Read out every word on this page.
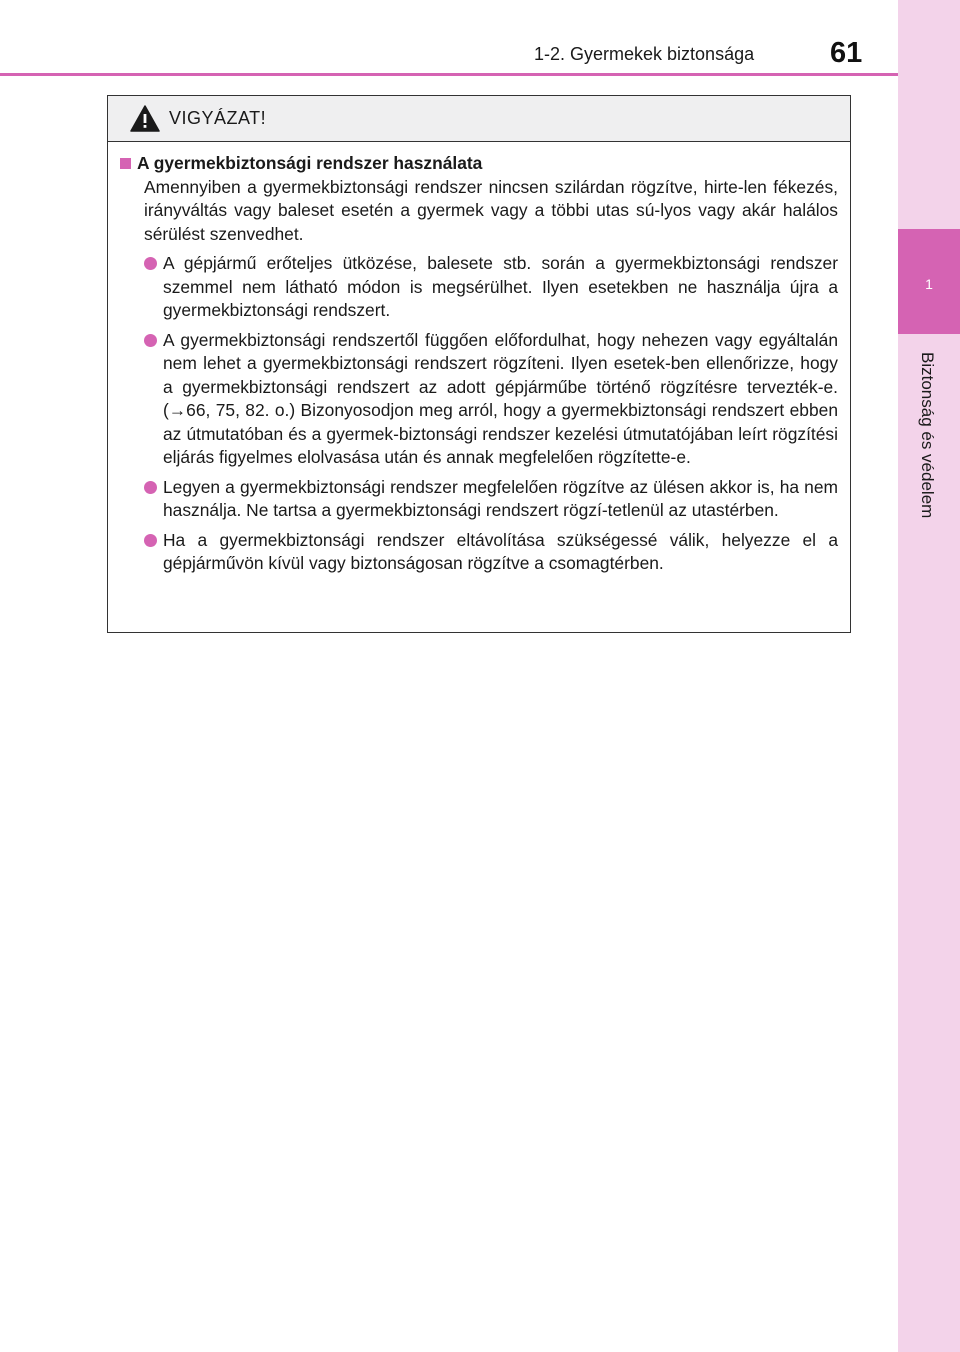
1
Biztonság és védelem
1-2. Gyermekek biztonsága	61
VIGYÁZAT!
A gyermekbiztonsági rendszer használata
Amennyiben a gyermekbiztonsági rendszer nincsen szilárdan rögzítve, hirte-len fékezés, irányváltás vagy baleset esetén a gyermek vagy a többi utas sú-lyos vagy akár halálos sérülést szenvedhet.
A gépjármű erőteljes ütközése, balesete stb. során a gyermekbiztonsági rendszer szemmel nem látható módon is megsérülhet. Ilyen esetekben ne használja újra a gyermekbiztonsági rendszert.
A gyermekbiztonsági rendszertől függően előfordulhat, hogy nehezen vagy egyáltalán nem lehet a gyermekbiztonsági rendszert rögzíteni. Ilyen esetek-ben ellenőrizze, hogy a gyermekbiztonsági rendszert az adott gépjárműbe történő rögzítésre tervezték-e. (→66, 75, 82. o.) Bizonyosodjon meg arról, hogy a gyermekbiztonsági rendszert ebben az útmutatóban és a gyermek-biztonsági rendszer kezelési útmutatójában leírt rögzítési eljárás figyelmes elolvasása után és annak megfelelően rögzítette-e.
Legyen a gyermekbiztonsági rendszer megfelelően rögzítve az ülésen akkor is, ha nem használja. Ne tartsa a gyermekbiztonsági rendszert rögzí-tetlenül az utastérben.
Ha a gyermekbiztonsági rendszer eltávolítása szükségessé válik, helyezze el a gépjárművön kívül vagy biztonságosan rögzítve a csomagtérben.
